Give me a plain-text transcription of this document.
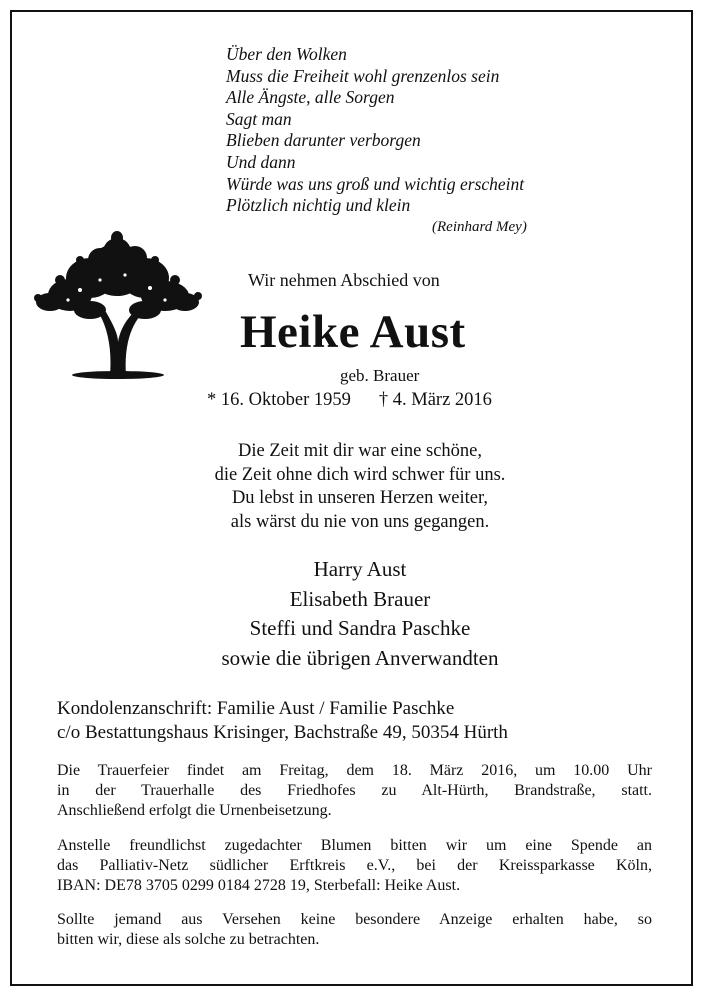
Über den Wolken
Muss die Freiheit wohl grenzenlos sein
Alle Ängste, alle Sorgen
Sagt man
Blieben darunter verborgen
Und dann
Würde was uns groß und wichtig erscheint
Plötzlich nichtig und klein
(Reinhard Mey)
Wir nehmen Abschied von
Heike Aust
geb. Brauer
* 16. Oktober 1959 † 4. März 2016
Die Zeit mit dir war eine schöne,
die Zeit ohne dich wird schwer für uns.
Du lebst in unseren Herzen weiter,
als wärst du nie von uns gegangen.
Harry Aust
Elisabeth Brauer
Steffi und Sandra Paschke
sowie die übrigen Anverwandten
Kondolenzanschrift: Familie Aust / Familie Paschke
c/o Bestattungshaus Krisinger, Bachstraße 49, 50354 Hürth
Die Trauerfeier findet am Freitag, dem 18. März 2016, um 10.00 Uhr
in der Trauerhalle des Friedhofes zu Alt-Hürth, Brandstraße, statt.
Anschließend erfolgt die Urnenbeisetzung.
Anstelle freundlichst zugedachter Blumen bitten wir um eine Spende an
das Palliativ-Netz südlicher Erftkreis e.V., bei der Kreissparkasse Köln,
IBAN: DE78 3705 0299 0184 2728 19, Sterbefall: Heike Aust.
Sollte jemand aus Versehen keine besondere Anzeige erhalten habe, so
bitten wir, diese als solche zu betrachten.
